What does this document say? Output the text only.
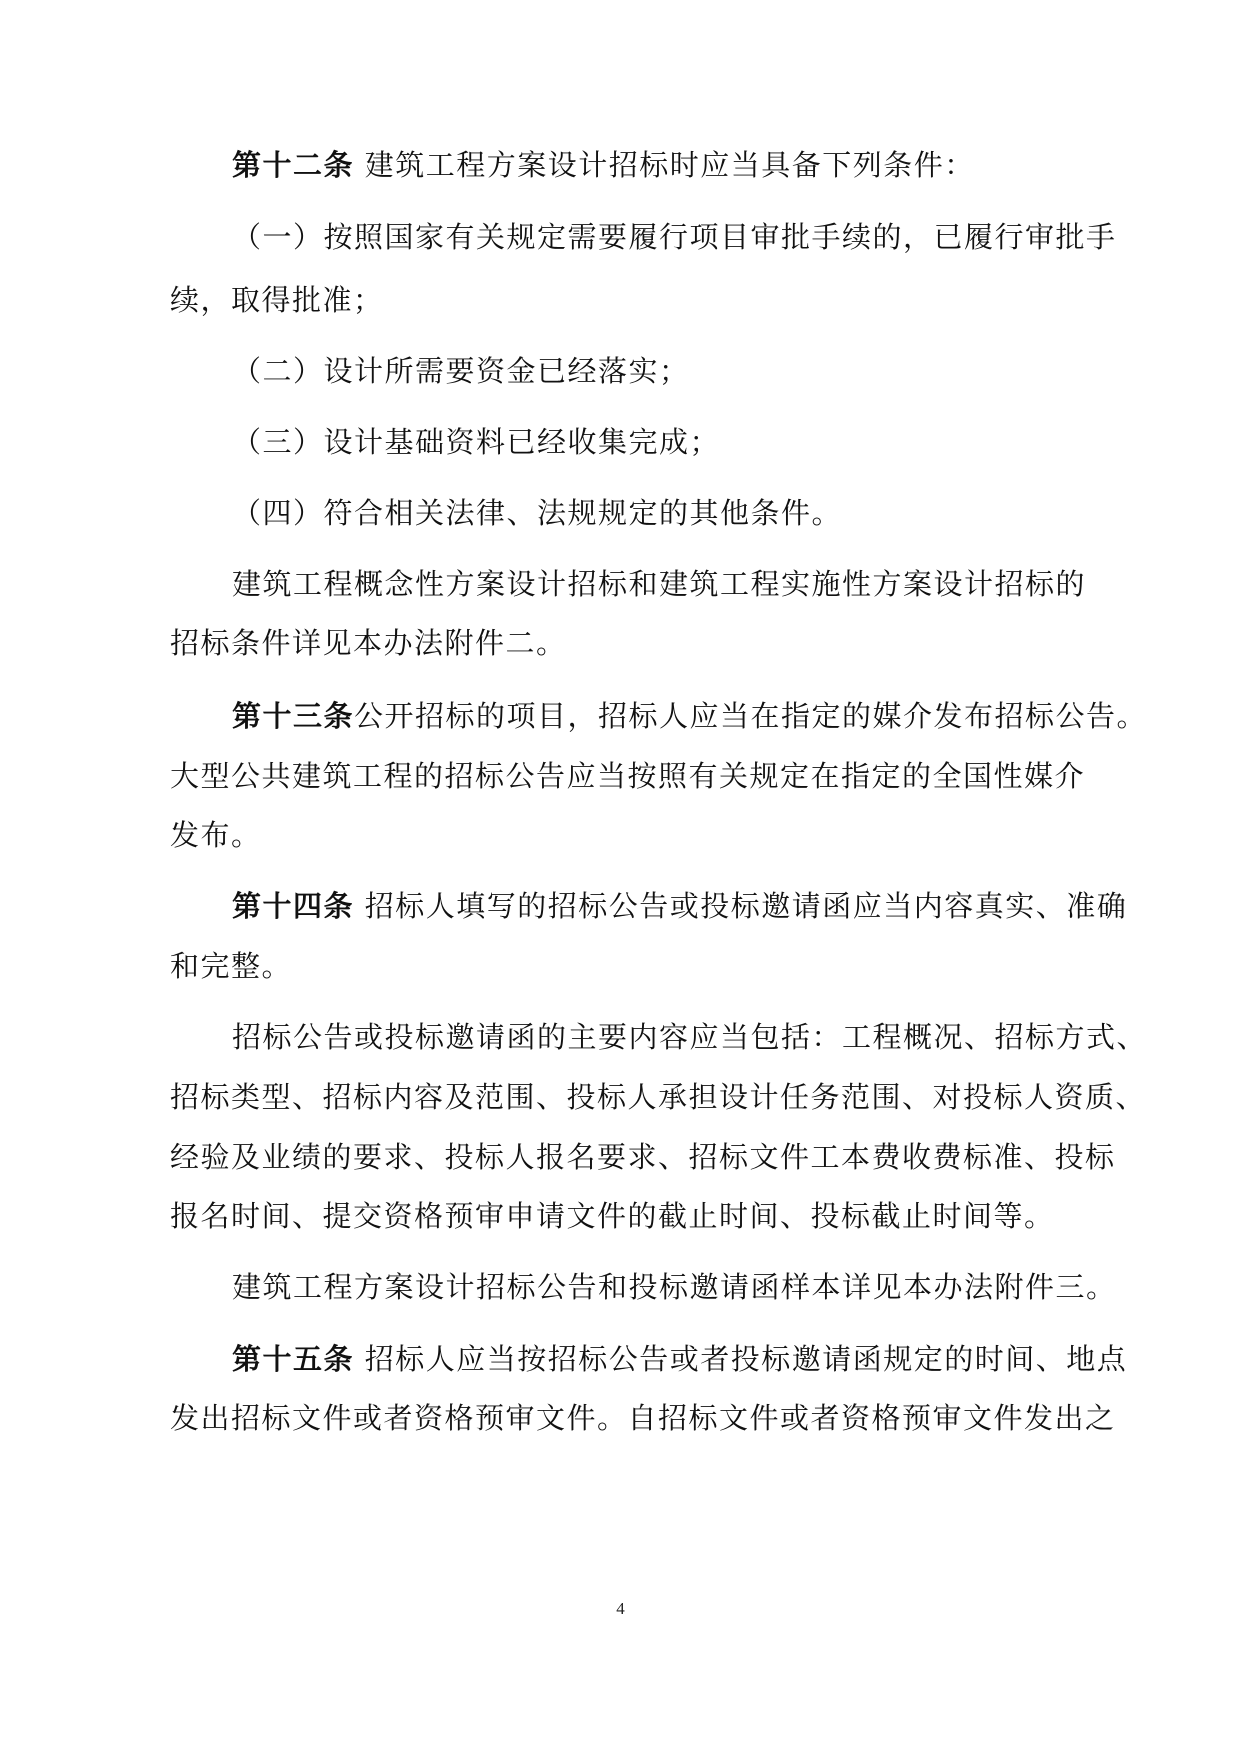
第十二条 建筑工程方案设计招标时应当具备下列条件：
（一）按照国家有关规定需要履行项目审批手续的，已履行审批手
续，取得批准；
（二）设计所需要资金已经落实；
（三）设计基础资料已经收集完成；
（四）符合相关法律、法规规定的其他条件。
建筑工程概念性方案设计招标和建筑工程实施性方案设计招标的
招标条件详见本办法附件二。
第十三条公开招标的项目，招标人应当在指定的媒介发布招标公告。
大型公共建筑工程的招标公告应当按照有关规定在指定的全国性媒介
发布。
第十四条 招标人填写的招标公告或投标邀请函应当内容真实、准确
和完整。
招标公告或投标邀请函的主要内容应当包括：工程概况、招标方式、
招标类型、招标内容及范围、投标人承担设计任务范围、对投标人资质、
经验及业绩的要求、投标人报名要求、招标文件工本费收费标准、投标
报名时间、提交资格预审申请文件的截止时间、投标截止时间等。
建筑工程方案设计招标公告和投标邀请函样本详见本办法附件三。
第十五条 招标人应当按招标公告或者投标邀请函规定的时间、地点
发出招标文件或者资格预审文件。自招标文件或者资格预审文件发出之
4
